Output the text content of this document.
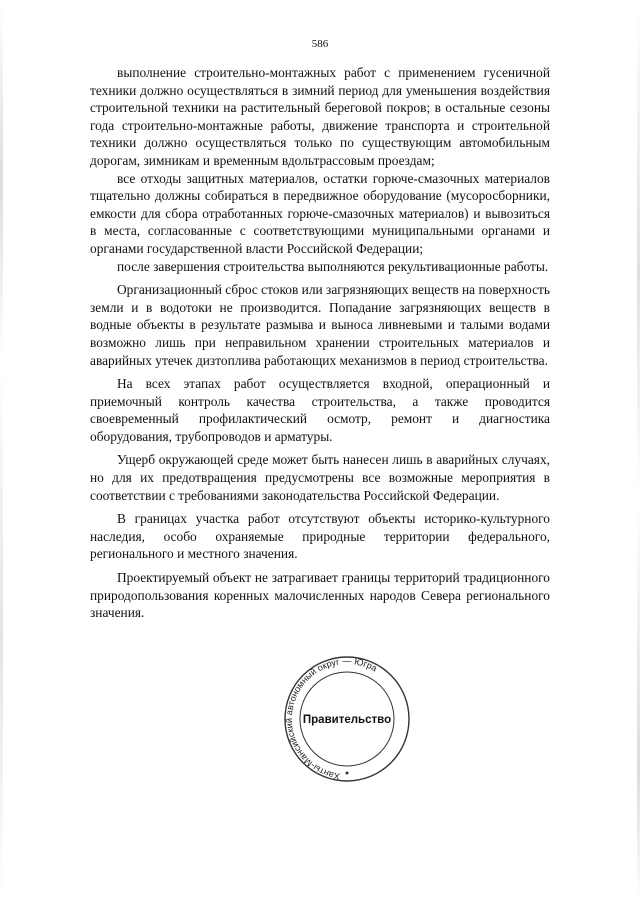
586

выполнение строительно-монтажных работ с применением гусеничной техники должно осуществляться в зимний период для уменьшения воздействия строительной техники на растительный береговой покров; в остальные сезоны года строительно-монтажные работы, движение транспорта и строительной техники должно осуществляться только по существующим автомобильным дорогам, зимникам и временным вдольтрассовым проездам;

все отходы защитных материалов, остатки горюче-смазочных материалов тщательно должны собираться в передвижное оборудование (мусоросборники, емкости для сбора отработанных горюче-смазочных материалов) и вывозиться в места, согласованные с соответствующими муниципальными органами и органами государственной власти Российской Федерации;

после завершения строительства выполняются рекультивационные работы.

Организационный сброс стоков или загрязняющих веществ на поверхность земли и в водотоки не производится. Попадание загрязняющих веществ в водные объекты в результате размыва и выноса ливневыми и талыми водами возможно лишь при неправильном хранении строительных материалов и аварийных утечек дизтоплива работающих механизмов в период строительства.

На всех этапах работ осуществляется входной, операционный и приемочный контроль качества строительства, а также проводится своевременный профилактический осмотр, ремонт и диагностика оборудования, трубопроводов и арматуры.

Ущерб окружающей среде может быть нанесен лишь в аварийных случаях, но для их предотвращения предусмотрены все возможные мероприятия в соответствии с требованиями законодательства Российской Федерации.

В границах участка работ отсутствуют объекты историко-культурного наследия, особо охраняемые природные территории федерального, регионального и местного значения.

Проектируемый объект не затрагивает границы территорий традиционного природопользования коренных малочисленных народов Севера регионального значения.

Ханты-Мансийский автономный округ — Югра
Правительство
